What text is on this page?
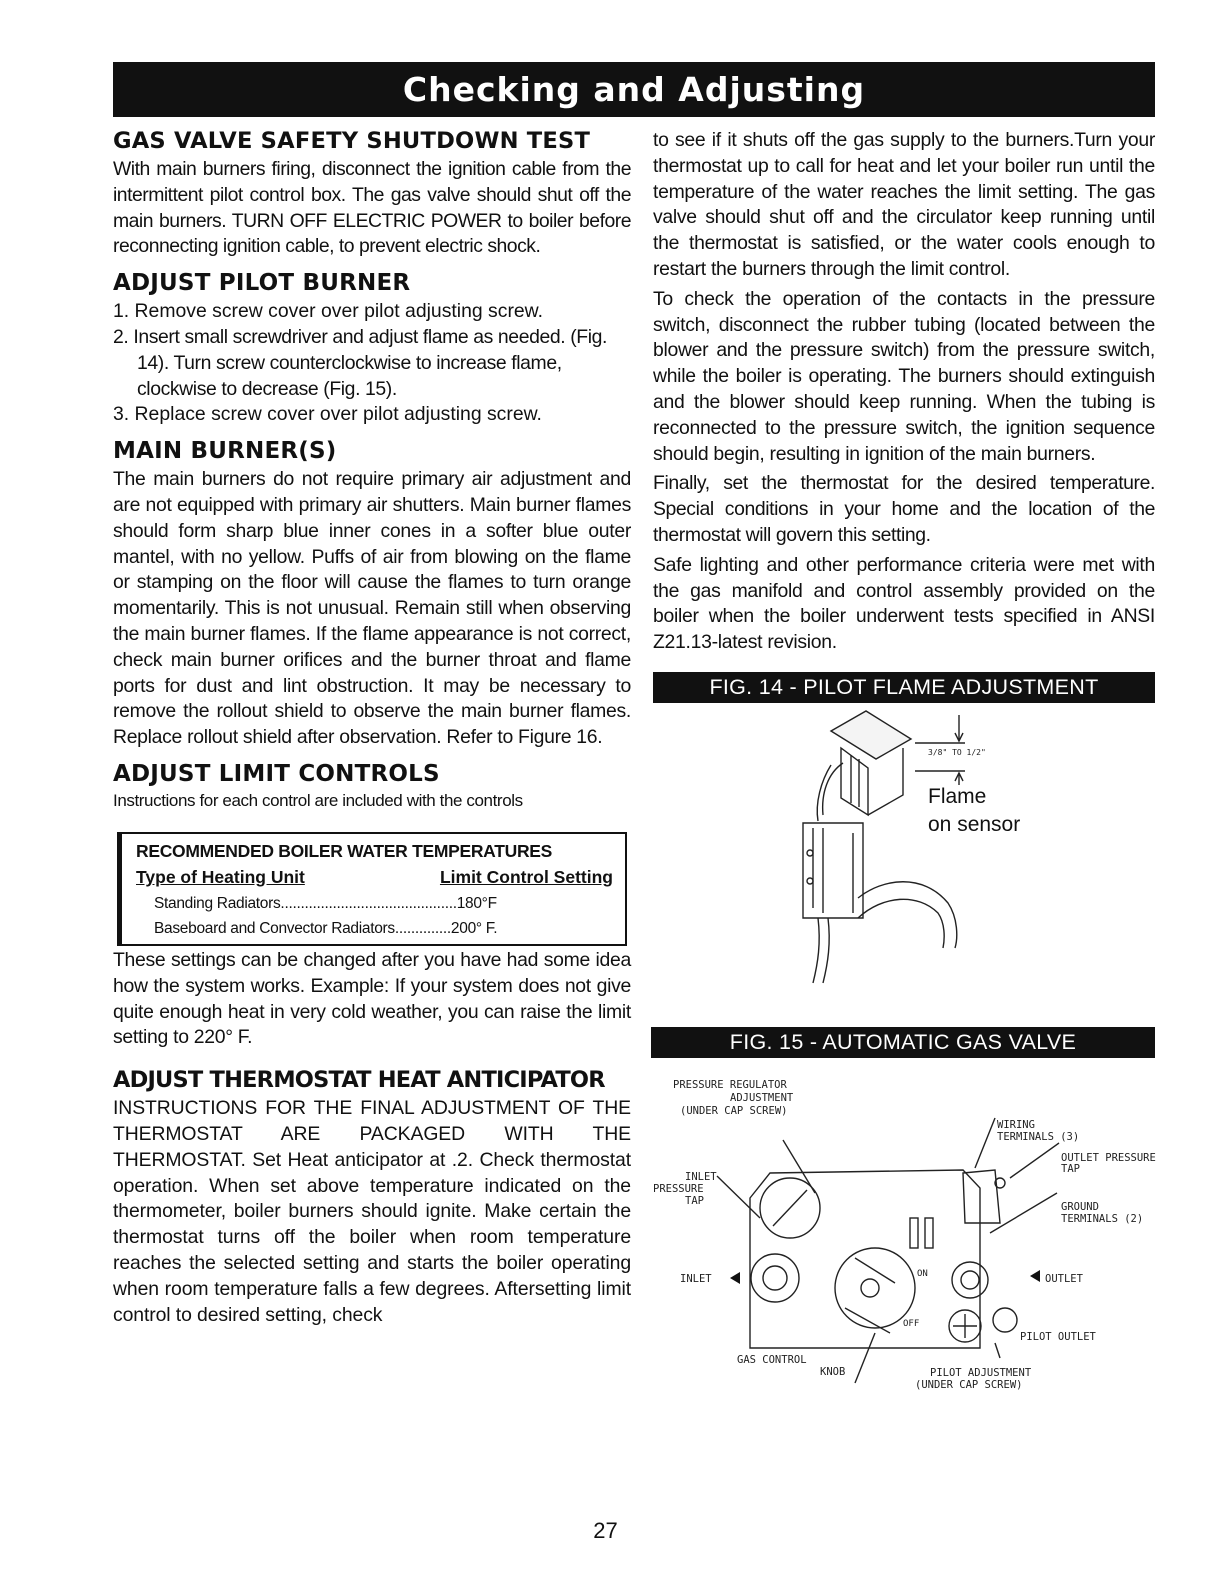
Checking and Adjusting
GAS VALVE SAFETY SHUTDOWN TEST

With main burners firing, disconnect the ignition cable from the intermittent pilot control box. The gas valve should shut off the main burners. TURN OFF ELECTRIC POWER to boiler before reconnecting ignition cable, to prevent electric shock.

ADJUST PILOT BURNER
1. Remove screw cover over pilot adjusting screw.
2. Insert small screwdriver and adjust flame as needed. (Fig. 14). Turn screw counterclockwise to increase flame, clockwise to decrease (Fig. 15).
3. Replace screw cover over pilot adjusting screw.
MAIN BURNER(S)

The main burners do not require primary air adjustment and are not equipped with primary air shutters. Main burner flames should form sharp blue inner cones in a softer blue outer mantel, with no yellow. Puffs of air from blowing on the flame or stamping on the floor will cause the flames to turn orange momentarily. This is not unusual. Remain still when observing the main burner flames. If the flame appearance is not correct, check main burner orifices and the burner throat and flame ports for dust and lint obstruction. It may be necessary to remove the rollout shield to observe the main burner flames. Replace rollout shield after observation. Refer to Figure 16.

ADJUST LIMIT CONTROLS

Instructions for each control are included with the controls

RECOMMENDED BOILER WATER TEMPERATURES
Type of Heating Unit	Limit Control Setting
Standing Radiators............................................180°F
Baseboard and Convector Radiators..............200° F.

These settings can be changed after you have had some idea how the system works. Example: If your system does not give quite enough heat in very cold weather, you can raise the limit setting to 220° F.

ADJUST THERMOSTAT HEAT ANTICIPATOR

INSTRUCTIONS FOR THE FINAL ADJUSTMENT OF THE THERMOSTAT ARE PACKAGED WITH THE THERMOSTAT. Set Heat anticipator at .2. Check thermostat operation. When set above temperature indicated on the thermometer, boiler burners should ignite. Make certain the thermostat turns off the boiler when room temperature reaches the selected setting and starts the boiler operating when room temperature falls a few degrees. Aftersetting limit control to desired setting, check

to see if it shuts off the gas supply to the burners.Turn your thermostat up to call for heat and let your boiler run until the temperature of the water reaches the limit setting. The gas valve should shut off and the circulator keep running until the thermostat is satisfied, or the water cools enough to restart the burners through the limit control.

To check the operation of the contacts in the pressure switch, disconnect the rubber tubing (located between the blower and the pressure switch) from the pressure switch, while the boiler is operating. The burners should extinguish and the blower should keep running. When the tubing is reconnected to the pressure switch, the ignition sequence should begin, resulting in ignition of the main burners.

Finally, set the thermostat for the desired temperature. Special conditions in your home and the location of the thermostat will govern this setting.

Safe lighting and other performance criteria were met with the gas manifold and control assembly provided on the boiler when the boiler underwent tests specified in ANSI Z21.13-latest revision.

FIG. 14 - PILOT FLAME ADJUSTMENT
3/8" TO 1/2"
Flame
on sensor
FIG. 15 - AUTOMATIC GAS VALVE
ON
OFF
PRESSURE REGULATOR
ADJUSTMENT
(UNDER CAP SCREW)
WIRING
TERMINALS (3)
OUTLET PRESSURE
TAP
INLET
PRESSURE
TAP	GROUND
TERMINALS (2)
INLET	OUTLET
PILOT OUTLET
GAS CONTROL
KNOB	PILOT ADJUSTMENT
(UNDER CAP SCREW)
27
